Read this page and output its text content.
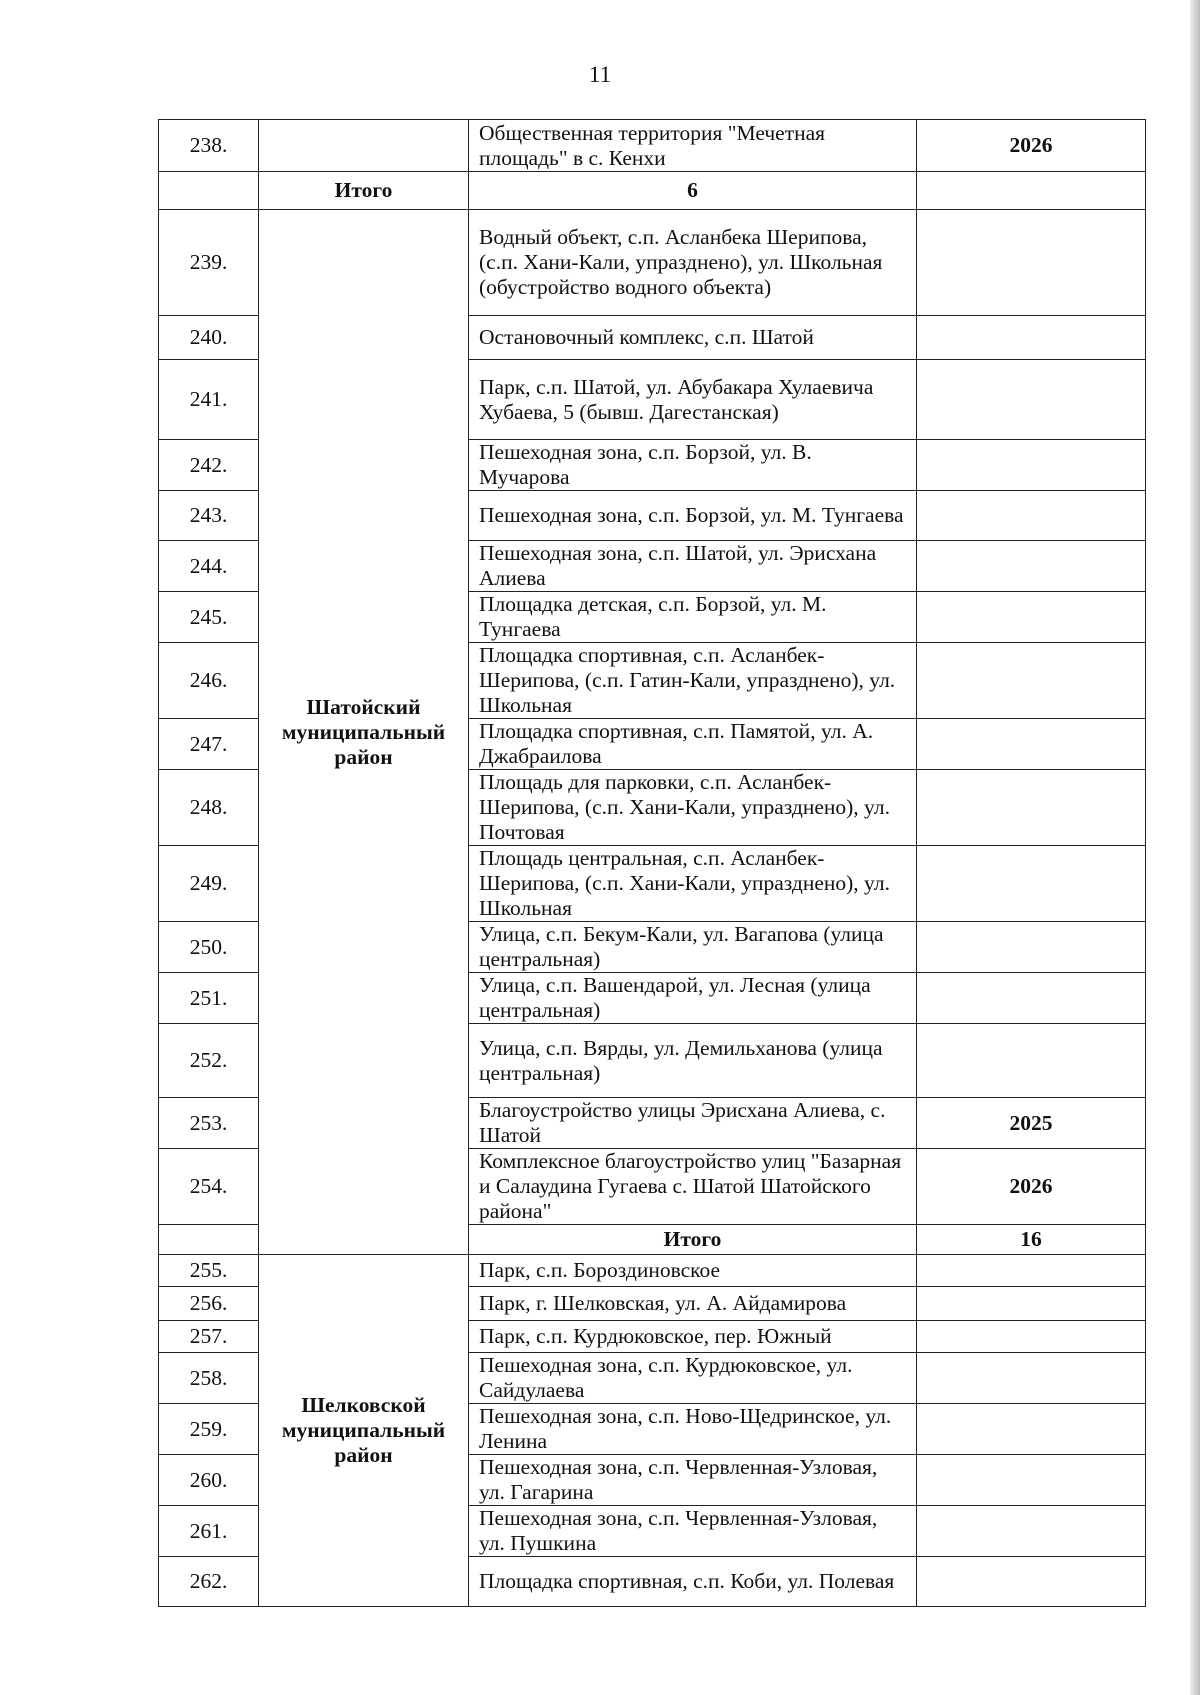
11
238.		Общественная территория "Мечетная площадь" в с. Кенхи	2026	
	Итого	6		
239.	Шатойский муниципальный район	Водный объект, с.п. Асланбека Шерипова, (с.п. Хани-Кали, упразднено), ул. Школьная (обустройство водного объекта)		
240.		Остановочный комплекс, с.п. Шатой		
241.		Парк, с.п. Шатой, ул. Абубакара Хулаевича Хубаева, 5 (бывш. Дагестанская)		
242.		Пешеходная зона, с.п. Борзой, ул. В. Мучарова		
243.		Пешеходная зона, с.п. Борзой, ул. М. Тунгаева		
244.		Пешеходная зона, с.п. Шатой, ул. Эрисхана Алиева		
245.		Площадка детская, с.п. Борзой, ул. М. Тунгаева		
246.		Площадка спортивная, с.п. Асланбек-Шерипова, (с.п. Гатин-Кали, упразднено), ул. Школьная		
247.		Площадка спортивная, с.п. Памятой, ул. А. Джабраилова		
248.		Площадь для парковки, с.п. Асланбек-Шерипова, (с.п. Хани-Кали, упразднено), ул. Почтовая		
249.		Площадь центральная, с.п. Асланбек-Шерипова, (с.п. Хани-Кали, упразднено), ул. Школьная		
250.		Улица, с.п. Бекум-Кали, ул. Вагапова (улица центральная)		
251.		Улица, с.п. Вашендарой, ул. Лесная (улица центральная)		
252.		Улица, с.п. Вярды, ул. Демильханова (улица центральная)		
253.		Благоустройство улицы Эрисхана Алиева, с. Шатой	2025	
254.		Комплексное благоустройство улиц "Базарная и Салаудина Гугаева с. Шатой Шатойского района"	2026	
		Итого	16	
255.	Шелковской муниципальный район	Парк, с.п. Бороздиновское		
256.		Парк, г. Шелковская, ул. А. Айдамирова		
257.		Парк, с.п. Курдюковское, пер. Южный		
258.		Пешеходная зона, с.п. Курдюковское, ул. Сайдулаева		
259.		Пешеходная зона, с.п. Ново-Щедринское, ул. Ленина		
260.		Пешеходная зона, с.п. Червленная-Узловая, ул. Гагарина		
261.		Пешеходная зона, с.п. Червленная-Узловая, ул. Пушкина		
262.		Площадка спортивная, с.п. Коби, ул. Полевая		
